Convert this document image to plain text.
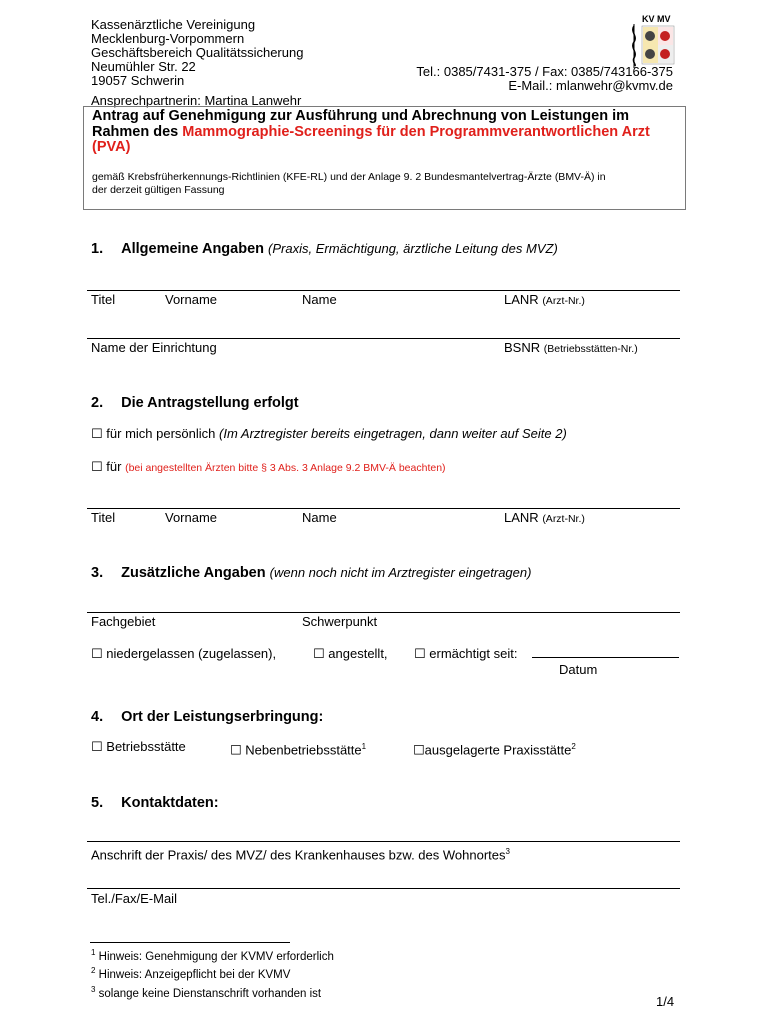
Kassenärztliche Vereinigung
Mecklenburg-Vorpommern
Geschäftsbereich Qualitätssicherung
Neumühler Str. 22
19057 Schwerin
Ansprechpartnerin: Martina Lanwehr
KV MV
Tel.: 0385/7431-375 / Fax: 0385/743166-375
E-Mail.: mlanwehr@kvmv.de
Antrag auf Genehmigung zur Ausführung und Abrechnung von Leistungen im
Rahmen des Mammographie-Screenings für den Programmverantwortlichen Arzt
(PVA)
gemäß Krebsfrüherkennungs-Richtlinien (KFE-RL) und der Anlage 9. 2 Bundesmantelvertrag-Ärzte (BMV-Ä) in
der derzeit gültigen Fassung
1. Allgemeine Angaben (Praxis, Ermächtigung, ärztliche Leitung des MVZ)
Titel	Vorname	Name	LANR (Arzt-Nr.)
Name der Einrichtung	BSNR (Betriebsstätten-Nr.)
2. Die Antragstellung erfolgt
☐ für mich persönlich (Im Arztregister bereits eingetragen, dann weiter auf Seite 2)
☐ für (bei angestellten Ärzten bitte § 3 Abs. 3 Anlage 9.2 BMV-Ä beachten)
Titel	Vorname	Name	LANR (Arzt-Nr.)
3. Zusätzliche Angaben (wenn noch nicht im Arztregister eingetragen)
Fachgebiet	Schwerpunkt
☐ niedergelassen (zugelassen),	☐ angestellt, ☐ ermächtigt seit:
Datum
4. Ort der Leistungserbringung:
☐ Betriebsstätte	☐ Nebenbetriebsstätte$^1$	☐ausgelagerte Praxisstätte$^2$
5. Kontaktdaten:
Anschrift der Praxis/ des MVZ/ des Krankenhauses bzw. des Wohnortes$^3$
Tel./Fax/E-Mail
$^1$ Hinweis: Genehmigung der KVMV erforderlich
$^2$ Hinweis: Anzeigepflicht bei der KVMV
$^3$ solange keine Dienstanschrift vorhanden ist
1/4
